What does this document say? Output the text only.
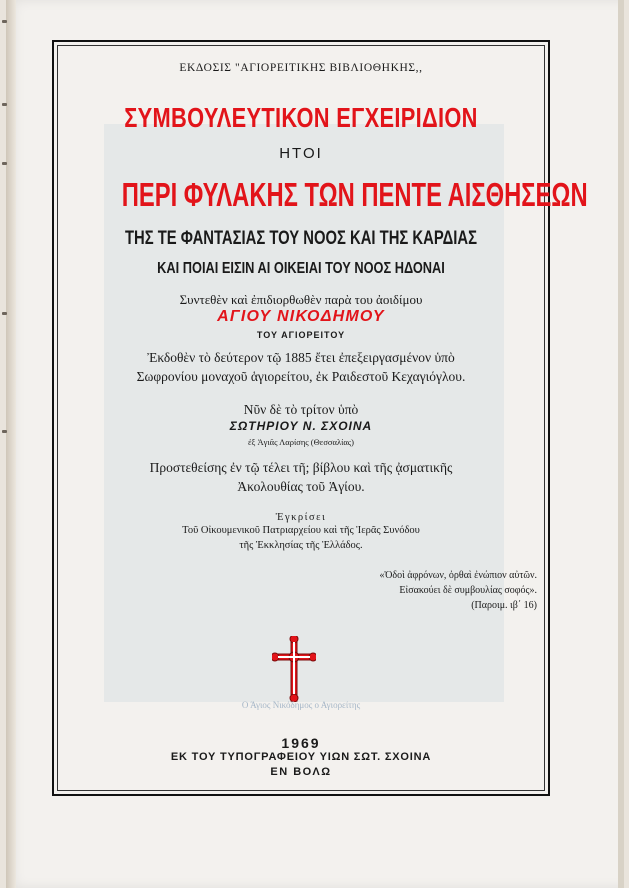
ΕΚΔΟΣΙΣ "ΑΓΙΟΡΕΙΤΙΚΗΣ ΒΙΒΛΙΟΘΗΚΗΣ,,
ΣΥΜΒΟΥΛΕΥΤΙΚΟΝ ΕΓΧΕΙΡΙΔΙΟΝ
ΗΤΟΙ
ΠΕΡΙ ΦΥΛΑΚΗΣ ΤΩΝ ΠΕΝΤΕ ΑΙΣΘΗΣΕΩΝ
ΤΗΣ ΤΕ ΦΑΝΤΑΣΙΑΣ ΤΟΥ ΝΟΟΣ ΚΑΙ ΤΗΣ ΚΑΡΔΙΑΣ
ΚΑΙ ΠΟΙΑΙ ΕΙΣΙΝ ΑΙ ΟΙΚΕΙΑΙ ΤΟΥ ΝΟΟΣ ΗΔΟΝΑΙ
Συντεθὲν καὶ ἐπιδιορθωθὲν παρὰ του ἀοιδίμου
ΑΓΙΟΥ ΝΙΚΟΔΗΜΟΥ
ΤΟΥ ΑΓΙΟΡΕΙΤΟΥ
Ἐκδοθὲν τὸ δεύτερον τῷ 1885 ἔτει ἐπεξειργασμένον ὑπὸ
Σωφρονίου μοναχοῦ ἁγιορείτου, ἐκ Ραιδεστοῦ Κεχαγιόγλου.
Νῦν δὲ τὸ τρίτον ὑπὸ
ΣΩΤΗΡΙΟΥ Ν. ΣΧΟΙΝΑ
ἐξ Ἁγιᾶς Λαρίσης (Θεσσαλίας)
Προστεθείσης ἐν τῷ τέλει τῆ; βίβλου καὶ τῆς ᾀσματικῆς
Ἀκολουθίας τοῦ Ἁγίου.
Ἐγκρίσει
Τοῦ Οἰκουμενικοῦ Πατριαρχείου καὶ τῆς Ἱερᾶς Συνόδου
τῆς Ἐκκλησίας τῆς Ἑλλάδος.
«Ὁδοὶ ἀφρόνων, ὀρθαὶ ἐνώπιον αὐτῶν.
Εἰσακούει δὲ συμβουλίας σοφός».
(Παροιμ. ιβ΄ 16)
Ο Άγιος Νικόδημος ο Αγιορείτης
1969
ΕΚ ΤΟΥ ΤΥΠΟΓΡΑΦΕΙΟΥ ΥΙΩΝ ΣΩΤ. ΣΧΟΙΝΑ
ΕΝ ΒΟΛΩ
